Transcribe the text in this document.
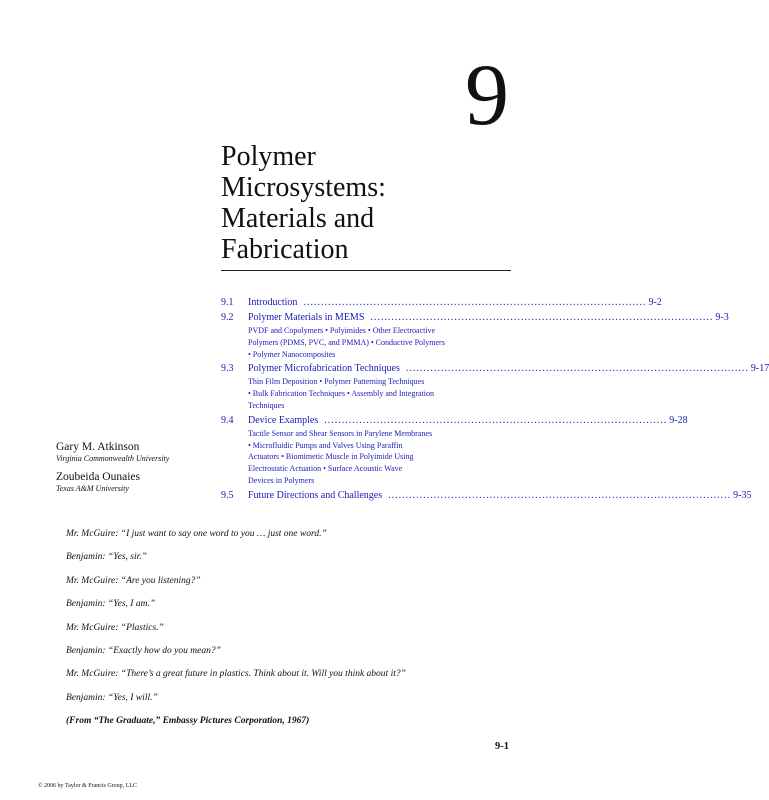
9
Polymer
Microsystems:
Materials and
Fabrication
9.1	Introduction .................................................................................................. 9-2
9.2	Polymer Materials in MEMS .................................................................................................. 9-3
PVDF and Copolymers • Polyimides • Other Electroactive
Polymers (PDMS, PVC, and PMMA) • Conductive Polymers
• Polymer Nanocomposites
9.3	Polymer Microfabrication Techniques .................................................................................................. 9-17
Thin Film Deposition • Polymer Patterning Techniques
• Bulk Fabrication Techniques • Assembly and Integration
Techniques
9.4	Device Examples .................................................................................................. 9-28
Tactile Sensor and Shear Sensors in Parylene Membranes
• Microfluidic Pumps and Valves Using Paraffin
Actuators • Biomimetic Muscle in Polyimide Using
Electrostatic Actuation • Surface Acoustic Wave
Devices in Polymers
9.5	Future Directions and Challenges .................................................................................................. 9-35
Gary M. Atkinson
Virginia Commonwealth University
Zoubeida Ounaies
Texas A&M University
Mr. McGuire: “I just want to say one word to you … just one word.”
Benjamin: “Yes, sir.”
Mr. McGuire: “Are you listening?”
Benjamin: “Yes, I am.”
Mr. McGuire: “Plastics.”
Benjamin: “Exactly how do you mean?”
Mr. McGuire: “There’s a great future in plastics. Think about it. Will you think about it?”
Benjamin: “Yes, I will.”
(From “The Graduate,” Embassy Pictures Corporation, 1967)
9-1
© 2006 by Taylor & Francis Group, LLC
